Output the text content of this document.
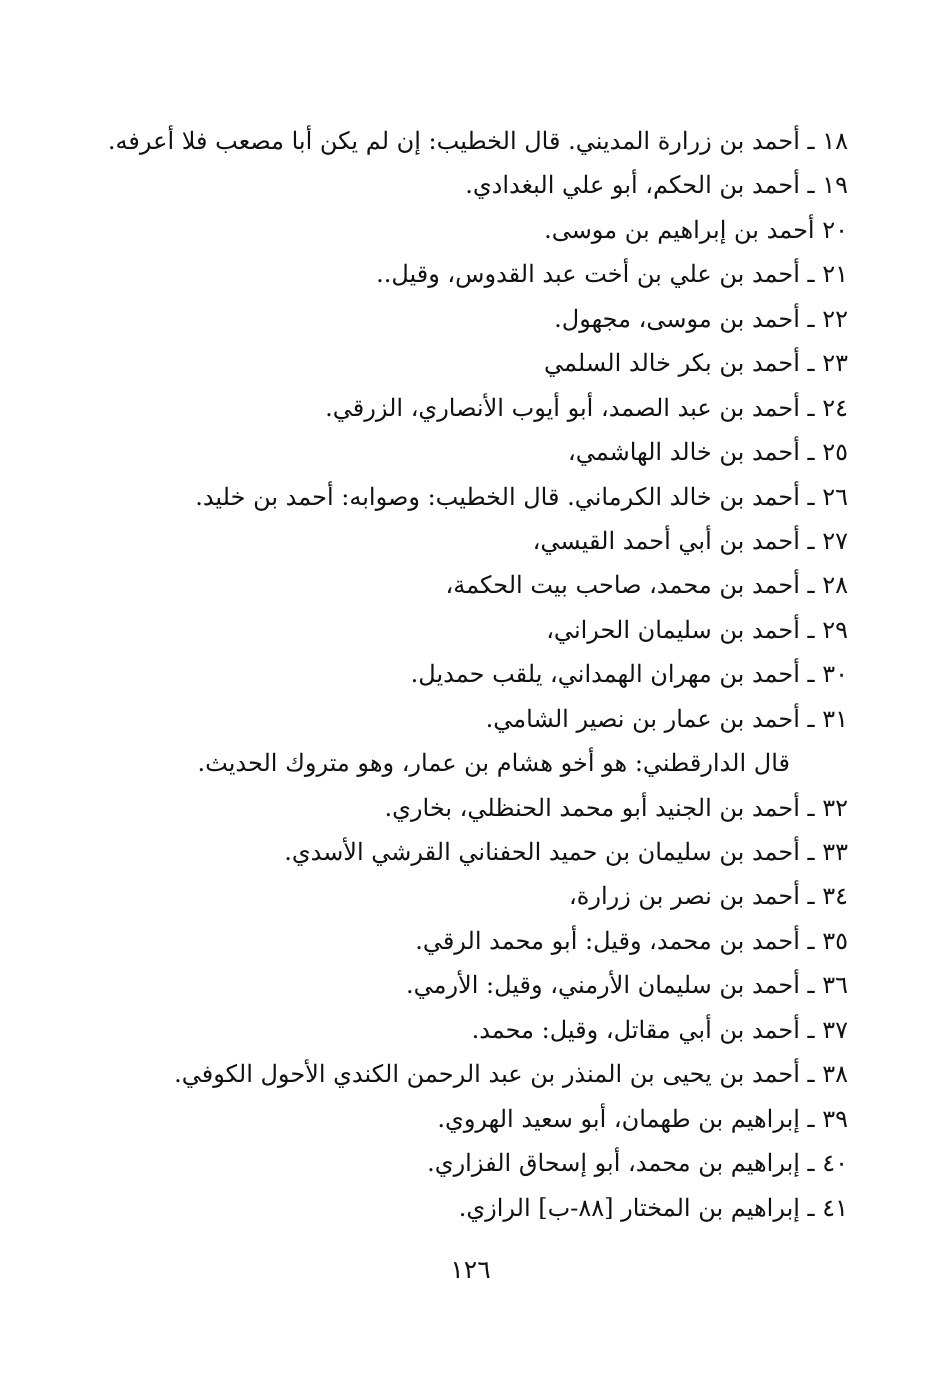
١٨ ـ أحمد بن زرارة المديني. قال الخطيب: إن لم يكن أبا مصعب فلا أعرفه.
١٩ ـ أحمد بن الحكم، أبو علي البغدادي.
٢٠ أحمد بن إبراهيم بن موسى.
٢١ ـ أحمد بن علي بن أخت عبد القدوس، وقيل..
٢٢ ـ أحمد بن موسى، مجهول.
٢٣ ـ أحمد بن بكر خالد السلمي
٢٤ ـ أحمد بن عبد الصمد، أبو أيوب الأنصاري، الزرقي.
٢٥ ـ أحمد بن خالد الهاشمي،
٢٦ ـ أحمد بن خالد الكرماني. قال الخطيب: وصوابه: أحمد بن خليد.
٢٧ ـ أحمد بن أبي أحمد القيسي،
٢٨ ـ أحمد بن محمد، صاحب بيت الحكمة،
٢٩ ـ أحمد بن سليمان الحراني،
٣٠ ـ أحمد بن مهران الهمداني، يلقب حمديل.
٣١ ـ أحمد بن عمار بن نصير الشامي.
قال الدارقطني: هو أخو هشام بن عمار، وهو متروك الحديث.
٣٢ ـ أحمد بن الجنيد أبو محمد الحنظلي، بخاري.
٣٣ ـ أحمد بن سليمان بن حميد الحفناني القرشي الأسدي.
٣٤ ـ أحمد بن نصر بن زرارة،
٣٥ ـ أحمد بن محمد، وقيل: أبو محمد الرقي.
٣٦ ـ أحمد بن سليمان الأرمني، وقيل: الأرمي.
٣٧ ـ أحمد بن أبي مقاتل، وقيل: محمد.
٣٨ ـ أحمد بن يحيى بن المنذر بن عبد الرحمن الكندي الأحول الكوفي.
٣٩ ـ إبراهيم بن طهمان، أبو سعيد الهروي.
٤٠ ـ إبراهيم بن محمد، أبو إسحاق الفزاري.
٤١ ـ إبراهيم بن المختار [٨٨-ب] الرازي.
١٢٦
